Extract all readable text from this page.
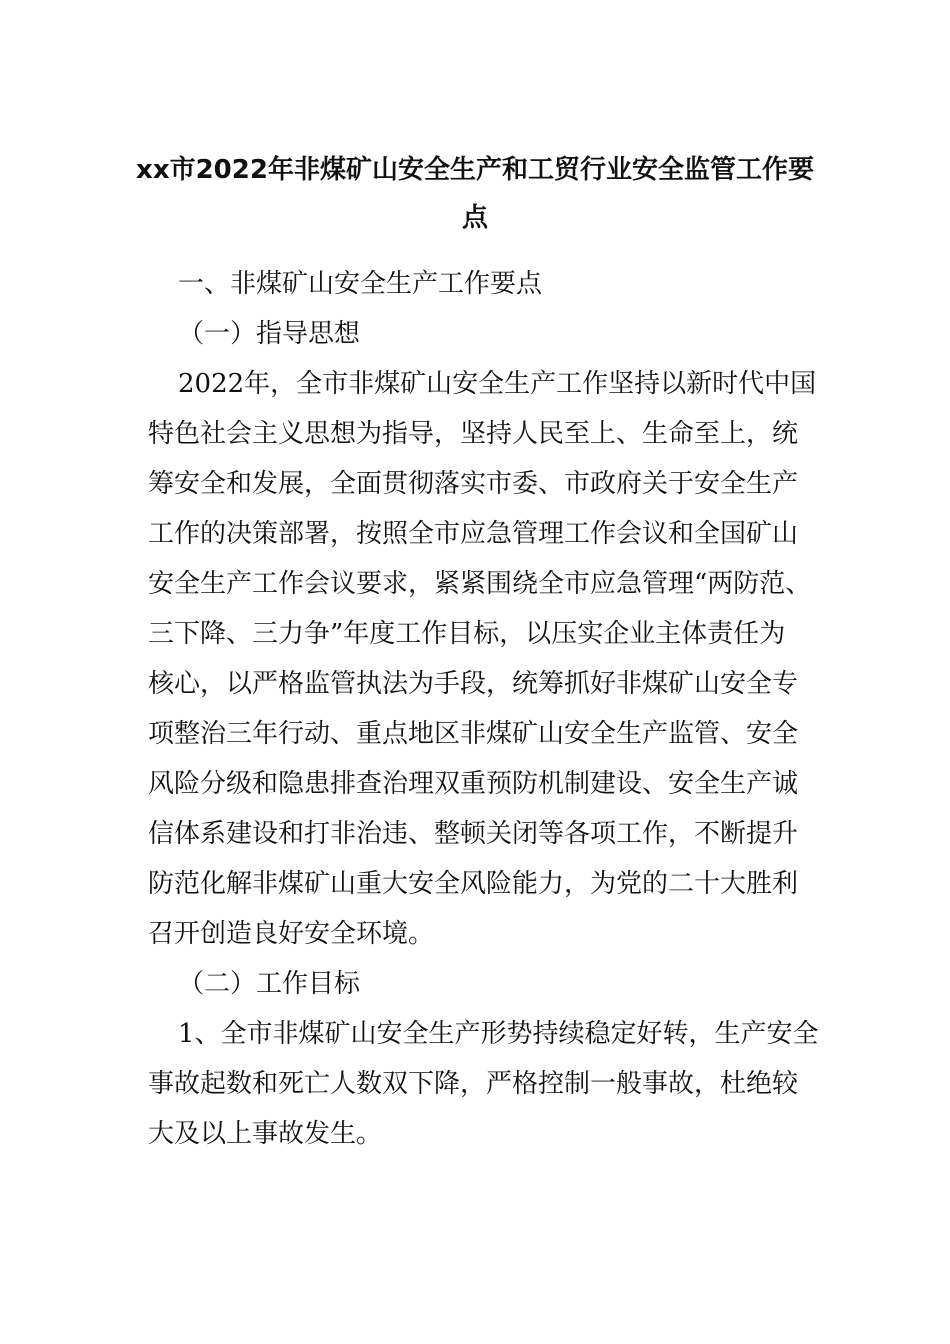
xx市2022年非煤矿山安全生产和工贸行业安全监管工作要
点

一、非煤矿山安全生产工作要点

（一）指导思想

2022年，全市非煤矿山安全生产工作坚持以新时代中国

特色社会主义思想为指导，坚持人民至上、生命至上，统

筹安全和发展，全面贯彻落实市委、市政府关于安全生产

工作的决策部署，按照全市应急管理工作会议和全国矿山

安全生产工作会议要求，紧紧围绕全市应急管理“两防范、

三下降、三力争”年度工作目标，以压实企业主体责任为

核心，以严格监管执法为手段，统筹抓好非煤矿山安全专

项整治三年行动、重点地区非煤矿山安全生产监管、安全

风险分级和隐患排查治理双重预防机制建设、安全生产诚

信体系建设和打非治违、整顿关闭等各项工作，不断提升

防范化解非煤矿山重大安全风险能力，为党的二十大胜利

召开创造良好安全环境。

（二）工作目标

1、全市非煤矿山安全生产形势持续稳定好转，生产安全

事故起数和死亡人数双下降，严格控制一般事故，杜绝较

大及以上事故发生。
